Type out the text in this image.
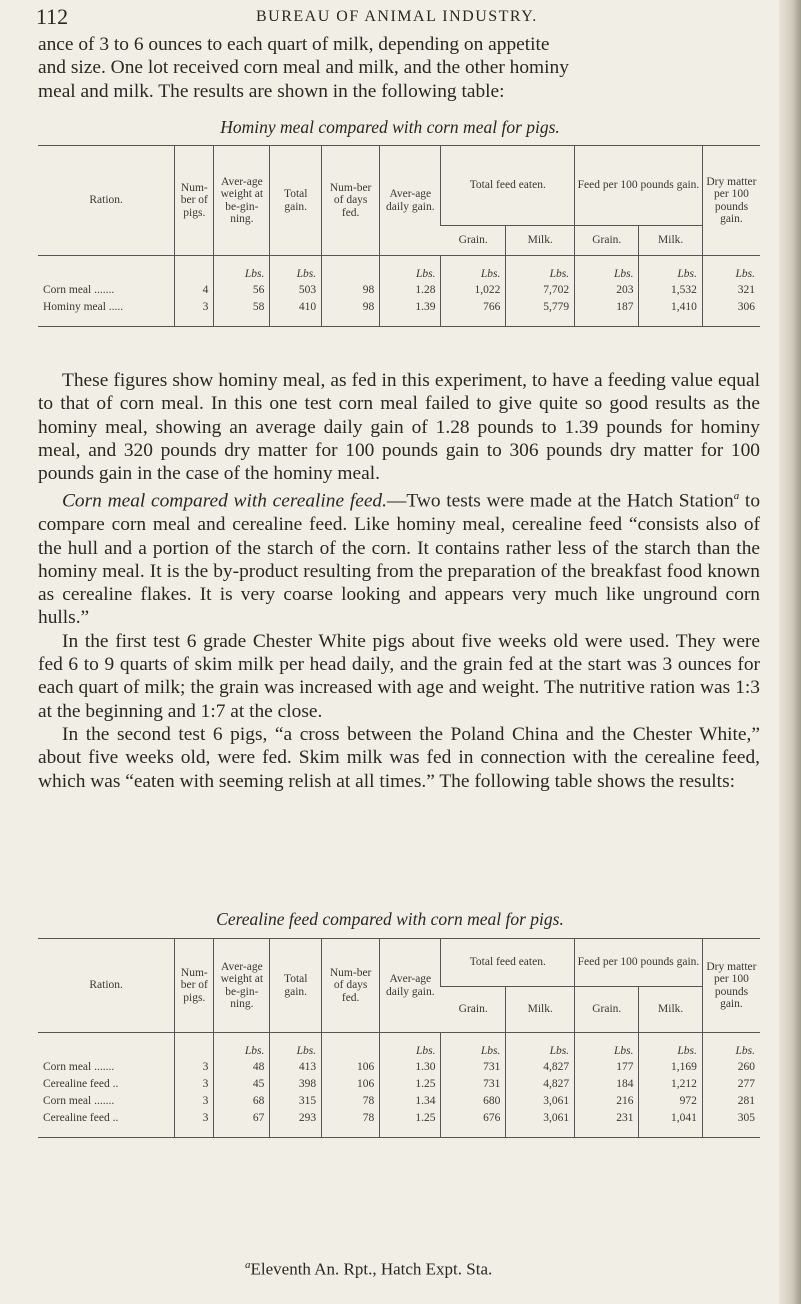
112	BUREAU OF ANIMAL INDUSTRY.
ance of 3 to 6 ounces to each quart of milk, depending on appetite
and size. One lot received corn meal and milk, and the other hominy
meal and milk. The results are shown in the following table:
Hominy meal compared with corn meal for pigs.
Ration.	Num-ber of pigs.	Aver-age weight at be-gin-ning.	Total gain.	Num-ber of days fed.	Aver-age daily gain.	Total feed eaten.		Feed per 100 pounds gain.		Dry matter per 100 pounds gain.
						Grain.	Milk.	Grain.	Milk.	
		Lbs.	Lbs.		Lbs.	Lbs.	Lbs.	Lbs.	Lbs.	Lbs.
Corn meal .......	4	56	503	98	1.28	1,022	7,702	203	1,532	321
Hominy meal .....	3	58	410	98	1.39	766	5,779	187	1,410	306

These figures show hominy meal, as fed in this experiment, to have a feeding value equal to that of corn meal. In this one test corn meal failed to give quite so good results as the hominy meal, showing an average daily gain of 1.28 pounds to 1.39 pounds for hominy meal, and 320 pounds dry matter for 100 pounds gain to 306 pounds dry matter for 100 pounds gain in the case of the hominy meal.

Corn meal compared with cerealine feed.—Two tests were made at the Hatch Station$^a$ to compare corn meal and cerealine feed. Like hominy meal, cerealine feed “consists also of the hull and a portion of the starch of the corn. It contains rather less of the starch than the hominy meal. It is the by-product resulting from the preparation of the breakfast food known as cerealine flakes. It is very coarse looking and appears very much like unground corn hulls.”

In the first test 6 grade Chester White pigs about five weeks old were used. They were fed 6 to 9 quarts of skim milk per head daily, and the grain fed at the start was 3 ounces for each quart of milk; the grain was increased with age and weight. The nutritive ration was 1:3 at the beginning and 1:7 at the close.

In the second test 6 pigs, “a cross between the Poland China and the Chester White,” about five weeks old, were fed. Skim milk was fed in connection with the cerealine feed, which was “eaten with seeming relish at all times.” The following table shows the results:

Cerealine feed compared with corn meal for pigs.
Ration.	Num-ber of pigs.	Aver-age weight at be-gin-ning.	Total gain.	Num-ber of days fed.	Aver-age daily gain.	Total feed eaten.		Feed per 100 pounds gain.		Dry matter per 100 pounds gain.
						Grain.	Milk.	Grain.	Milk.	
		Lbs.	Lbs.		Lbs.	Lbs.	Lbs.	Lbs.	Lbs.	Lbs.
Corn meal .......	3	48	413	106	1.30	731	4,827	177	1,169	260
Cerealine feed ..	3	45	398	106	1.25	731	4,827	184	1,212	277
Corn meal .......	3	68	315	78	1.34	680	3,061	216	972	281
Cerealine feed ..	3	67	293	78	1.25	676	3,061	231	1,041	305
$^a$Eleventh An. Rpt., Hatch Expt. Sta.
